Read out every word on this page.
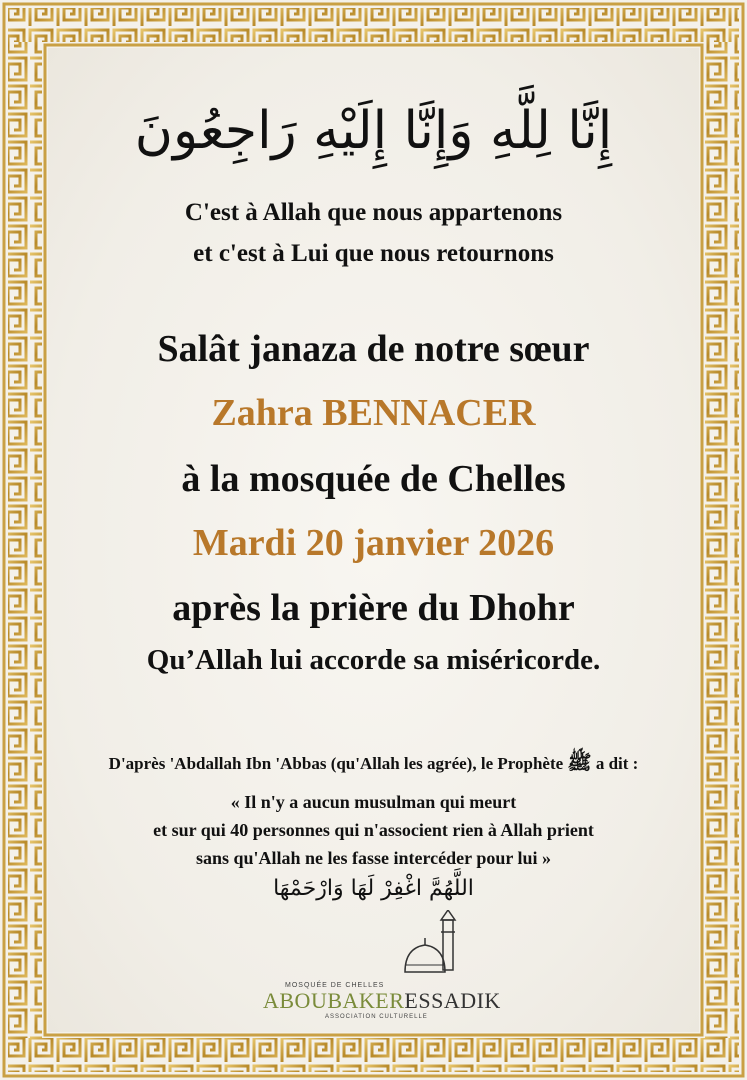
إِنَّا لِلَّهِ وَإِنَّا إِلَيْهِ رَاجِعُونَ
C'est à Allah que nous appartenons
et c'est à Lui que nous retournons
Salât janaza de notre sœur
Zahra BENNACER
à la mosquée de Chelles
Mardi 20 janvier 2026
après la prière du Dhohr
Qu’Allah lui accorde sa miséricorde.
D'après 'Abdallah Ibn 'Abbas (qu'Allah les agrée), le Prophète ﷺ a dit :
« Il n'y a aucun musulman qui meurt
et sur qui 40 personnes qui n'associent rien à Allah prient
sans qu'Allah ne les fasse intercéder pour lui »
اللَّهُمَّ اغْفِرْ لَهَا وَارْحَمْهَا
MOSQUÉE DE CHELLES
ABOUBAKERESSADIK
ASSOCIATION CULTURELLE
